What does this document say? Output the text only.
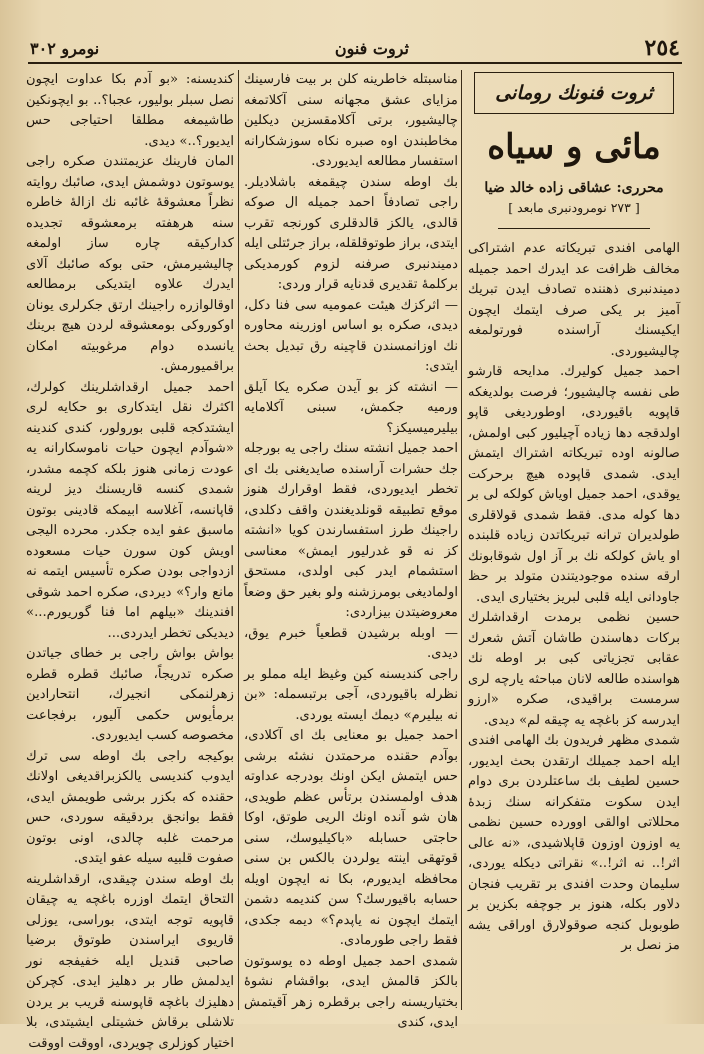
٢٥٤
ثروت فنون
نومرو ٣٠٢
ثروت فنونك رومانی
مائی و سیاه
محرری: عشاقی زاده خالد ضیا
[ ٢٧٣ نومرودنبری مابعد ]

الهامی افندی تبریکاته عدم اشتراکی مخالف ظرافت عد ایدرك احمد جمیله دمیندنبری ذهننده تصادف ایدن تبریك آمیز بر یکی صرف ایتمك ایچون ایکیسنك آراسنده فورتولمغه چالیشیوردی.

احمد جمیل کولیرك. مدایحه قارشو طی نفسه چالیشیور؛ فرصت بولدیغکه قاپویه باقیوردی، اوطوردیغی قاپو اولدقجه دها زیاده آچیلیور کبی اولمش، صالونه اوده تبریکاته اشتراك ایتمش ایدی. شمدی قاپوده هیچ برحرکت یوقدی، احمد جمیل اویاش کولکه لی بر دها کوله مدی. فقط شمدی قولاقلری طولدیران ترانه تبریکاتدن زیاده قلبنده او یاش کولکه نك بر آز اول شوقابونك ارقه سنده موجودیتندن متولد بر حظ جاودانی ایله قلبی لبریز بختیاری ایدی.

حسین نظمی برمدت ارقداشلرك برکات دهاسندن طاشان آتش شعرك عقابی تجزیاتی کبی بر اوطه نك هواسنده طالعه لانان مباحثه یارچه لری سرمست براقیدی، صکره «ارزو ایدرسه کز باغچه یه چیقه لم» دیدی.

شمدی مظهر فریدون بك الهامی افندی ایله احمد جمیلك ارتقدن بحث ایدیور، حسین لطیف بك ساعتلردن بری دوام ایدن سکوت متفکرانه سنك زبدۀ محللاتی اوالقی اوورده حسین نظمی یه اوزون اوزون قاپلاشیدی، «نه عالی اثر!.. نه اثر!..» نقراتی دیکله یوردی، سلیمان وحدت افندی بر تقریب فنجان دلاور بکله، هنوز بر جوچفه بکزین بر طوبوبل کنجه صوقولارق اوراقی یشه مز نصل بر

مناسبتله خاطرینه کلن بر بیت فارسینك مزایای عشق مجهانه سنی آکلاتمغه چالیشیور، برتی آکلامقسزین دیکلین مخاطبندن اوه صبره نکاه سوزشکارانه استفسار مطالعه ایدیوردی.

بك اوطه سندن چیقمغه باشلادیلر. راجی تصادفاً احمد جمیله ال صوکه قالدی، یالکز قالدقلری کورنجه تقرب ایتدی، براز طوتوقلقله، براز جرئتلی ایله دمیندنبری صرفنه لزوم کورمدیکی برکلمۀ تقدیری قدنایه قرار وردی:

— اثرکزك هیئت عمومیه سی فنا دکل، دیدی، صکره بو اساس اوزرینه محاوره نك اوزانمسندن قاچینه رق تبدیل بحث ایتدی:

— انشته کز بو آیدن صکره یکا آیلق ورمیه جکمش، سبنی آکلامایه بیلیرمیسیکز؟

احمد جمیل انشته سنك راجی یه بورجله جك حشرات آراسنده صایدیغنی بك ای تخطر ایدیوردی، فقط اوقرارك هنوز موقع تطبیقه قونلدیغندن واقف دکلدی، راجینك طرز استفسارندن کویا «انشته کز نه قو غدرلیور ایمش» معناسی استشمام ایدر کبی اولدی، مستحق اولمادیغی بومرزشنه ولو بغیر حق وضعاً معروضیتدن بیزاردی:

— اوبله برشیدن قطعیاً خبرم یوق، دیدی.

راجی کندیسنه کین وغیظ ایله مملو بر نظرله باقیوردی، آجی برتبسمله: «بن نه بیلیرم» دیمك ایسته یوردی.

احمد جمیل بو معنایی بك ای آکلادی، بوآدم حقنده مرحمتدن نشئه برشی حس ایتمش ایکن اونك بودرجه عداوته هدف اولمسندن برتأس عظم طویدی، هان شو آنده اونك الریی طوتق، اوکا حاجتی حسابله «باکیلیوسك، سنی قوتهقی اینته یولردن بالکس بن سنی محافظه ایدیورم، بکا نه ایچون اویله حسابه باقیورسك؟ سن کندیمه دشمن ایتمك ایچون نه یاپدم؟» دیمه جکدی، فقط راجی طورمادی.

شمدی احمد جمیل اوطه ده یوسوتون بالکز قالمش ایدی، بواقشام نشوۀ بختیاریسنه راجی برقطره زهر آقیتمش ایدی، کندی

کندیسنه: «بو آدم بکا عداوت ایچون نصل سبلر بولیور، عجبا؟.. بو ایچونکین طاشیمغه مطلقا احتیاجی حس ایدیور؟..» دیدی.

المان فارینك عزیمتندن صکره راجی یوسوتون دوشمش ایدی، صائبك روایته نظراً معشوقۀ غائبه نك ازالۀ خاطره سنه هرهفته برمعشوقه تجدیده کدارکیقه چاره ساز اولمغه چالیشیرمش، حتی بوکه صائبك آلای ایدرك علاوه ایتدیکی برمطالعه اوقالوازره راجینك ارتق جکرلری یونان اوکوروکی بومعشوقه لردن هیچ برینك یانسده دوام مرغوبیته امکان براقمیورمش.

احمد جمیل ارقداشلرینك کولرك، اکثرك نقل ایتدکاری بو حکایه لری ایشتدکجه قلبی بورولور، کندی کندینه «شوآدم ایچون حیات ناموسکارانه یه عودت زمانی هنوز بلکه کچمه مشدر، شمدی کنسه قاریسنك دیز لرینه قاپانسه، آغلاسه ابیمکه قادینی بوتون ماسبق عفو ایده جکدر. محرده الیجی اویش کون سورن حیات مسعوده ازدواجی بودن صکره تأسیس ایتمه نه مانع وار؟» دیردی، صکره احمد شوقی افندینك «بیلهم اما فنا گوریورم...» دیدیکی تخطر ایدردی...

بواش بواش راجی بر خطای جیاتدن صکره تدریجاً، صائبك قطره قطره زهرلنمکی انجیرك، انتحارادین برمأیوس حکمی آلیور، برفجاعت مخصوصه کسب ایدیوردی.

بوکیجه راجی بك اوطه سی ترك ایدوب کندیسی یالکزبراقدیغی اولانك حقنده که بکزر برشی طویمش ایدی، فقط بوانجق بردقیقه سوردی، حس مرحمت غلبه چالدی، اونی بوتون صفوت قلبیه سیله عفو ایتدی.

بك اوطه سندن چیقدی، ارقداشلرینه التحاق ایتمك اوزره باغچه یه چیقان قاپویه توجه ایتدی، بوراسی، یوزلی قاریوی ایراسندن طوتوق برضیا صاحبی قندیل ایله خفیفجه نور ایدلمش طار بر دهلیز ایدی. کچرکن دهلیزك باغچه قاپوسنه قریب بر یردن تلاشلی برقاش خشیتلی ایشیتدی، بلا اختیار کوزلری چویردی، اووقت اووقت
